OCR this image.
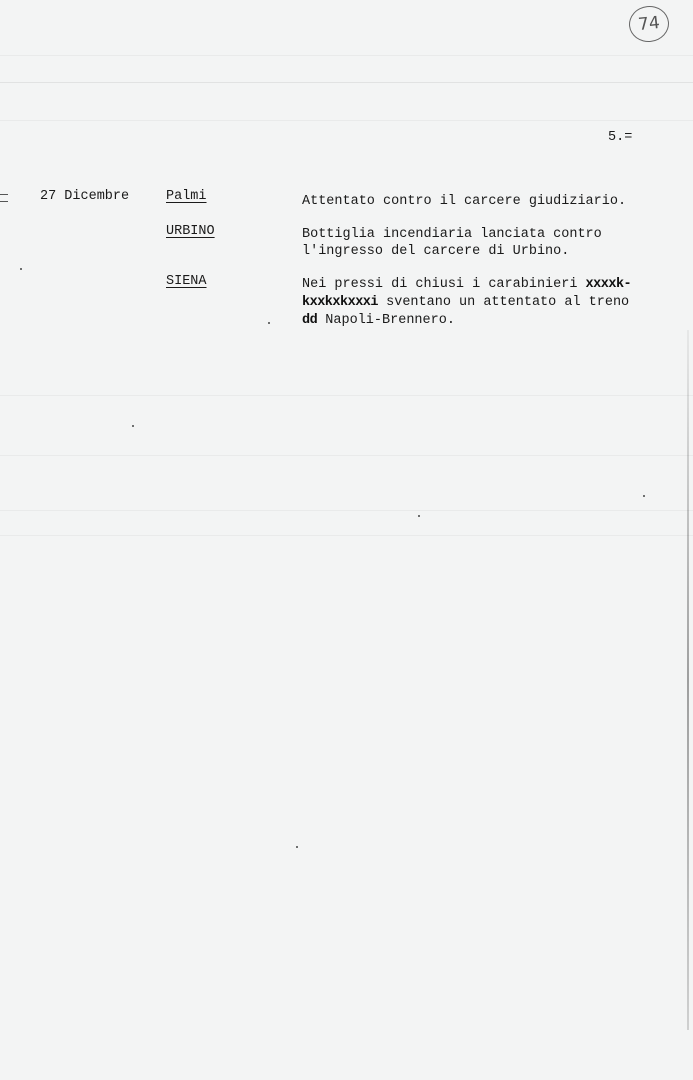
74
5.=
27 Dicembre	Palmi	Attentato contro il carcere giudiziario.
URBINO	Bottiglia incendiaria lanciata contro
l'ingresso del carcere di Urbino.
SIENA	Nei pressi di chiusi i carabinieri xxxxk-
kxxkxkxxxi sventano un attentato al treno
dd Napoli-Brennero.
